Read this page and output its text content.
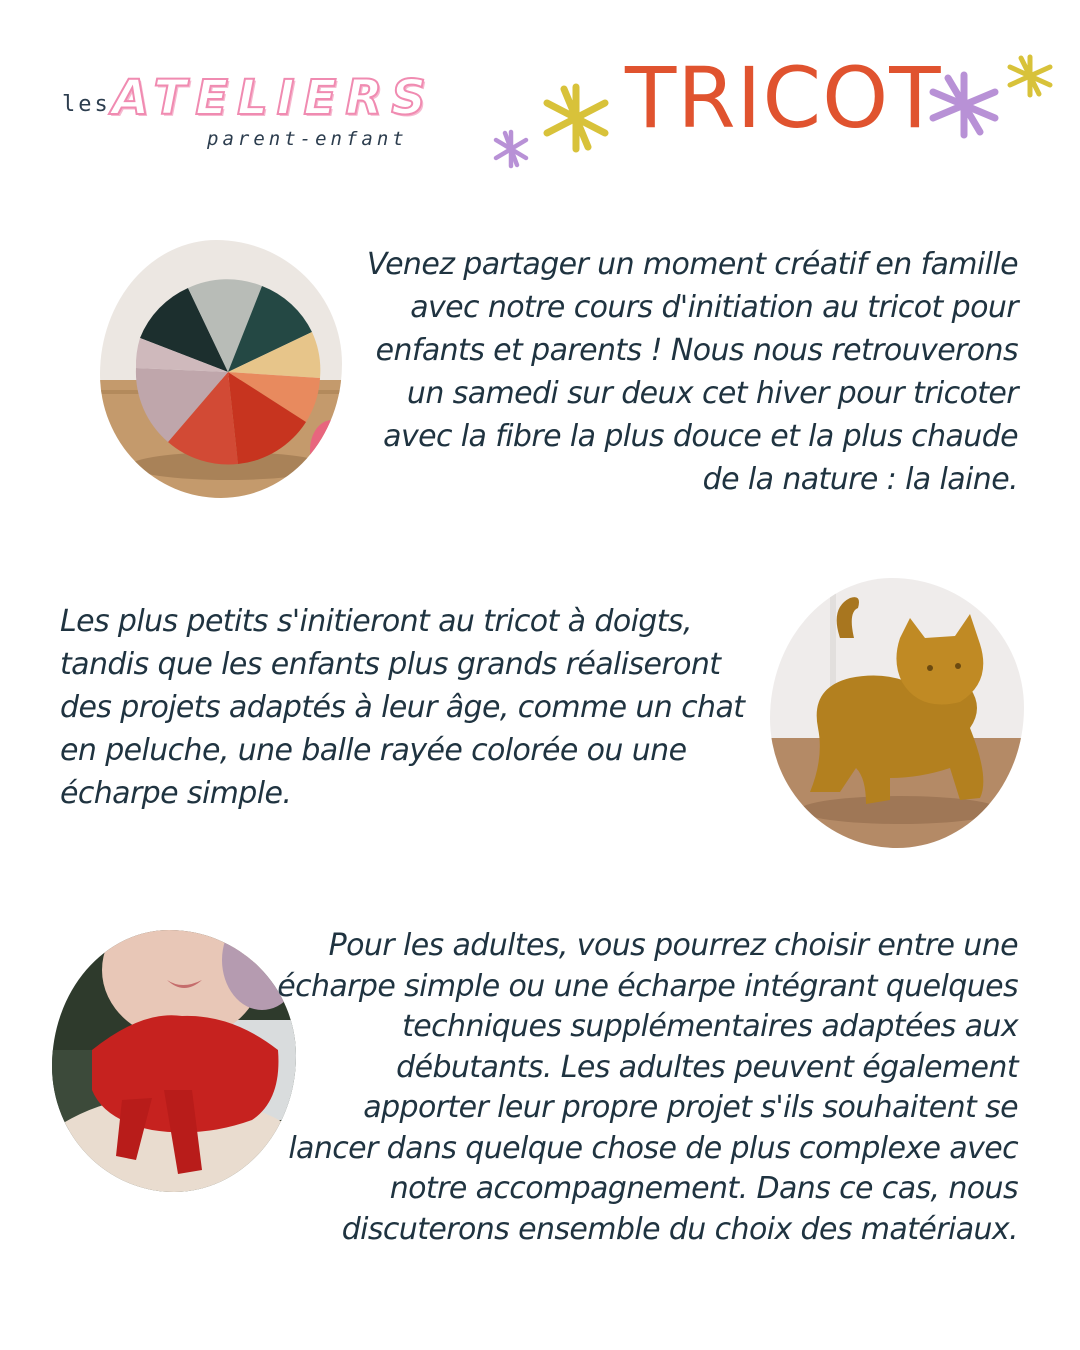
les ATELIERS
parent-enfant	TRICOT
Venez partager un moment créatif en famille avec notre cours d'initiation au tricot pour enfants et parents ! Nous nous retrouverons un samedi sur deux cet hiver pour tricoter avec la fibre la plus douce et la plus chaude de la nature : la laine.
Les plus petits s'initieront au tricot à doigts, tandis que les enfants plus grands réaliseront des projets adaptés à leur âge, comme un chat en peluche, une balle rayée colorée ou une écharpe simple.
Pour les adultes, vous pourrez choisir entre une écharpe simple ou une écharpe intégrant quelques techniques supplémentaires adaptées aux débutants. Les adultes peuvent également apporter leur propre projet s'ils souhaitent se lancer dans quelque chose de plus complexe avec notre accompagnement. Dans ce cas, nous discuterons ensemble du choix des matériaux.
